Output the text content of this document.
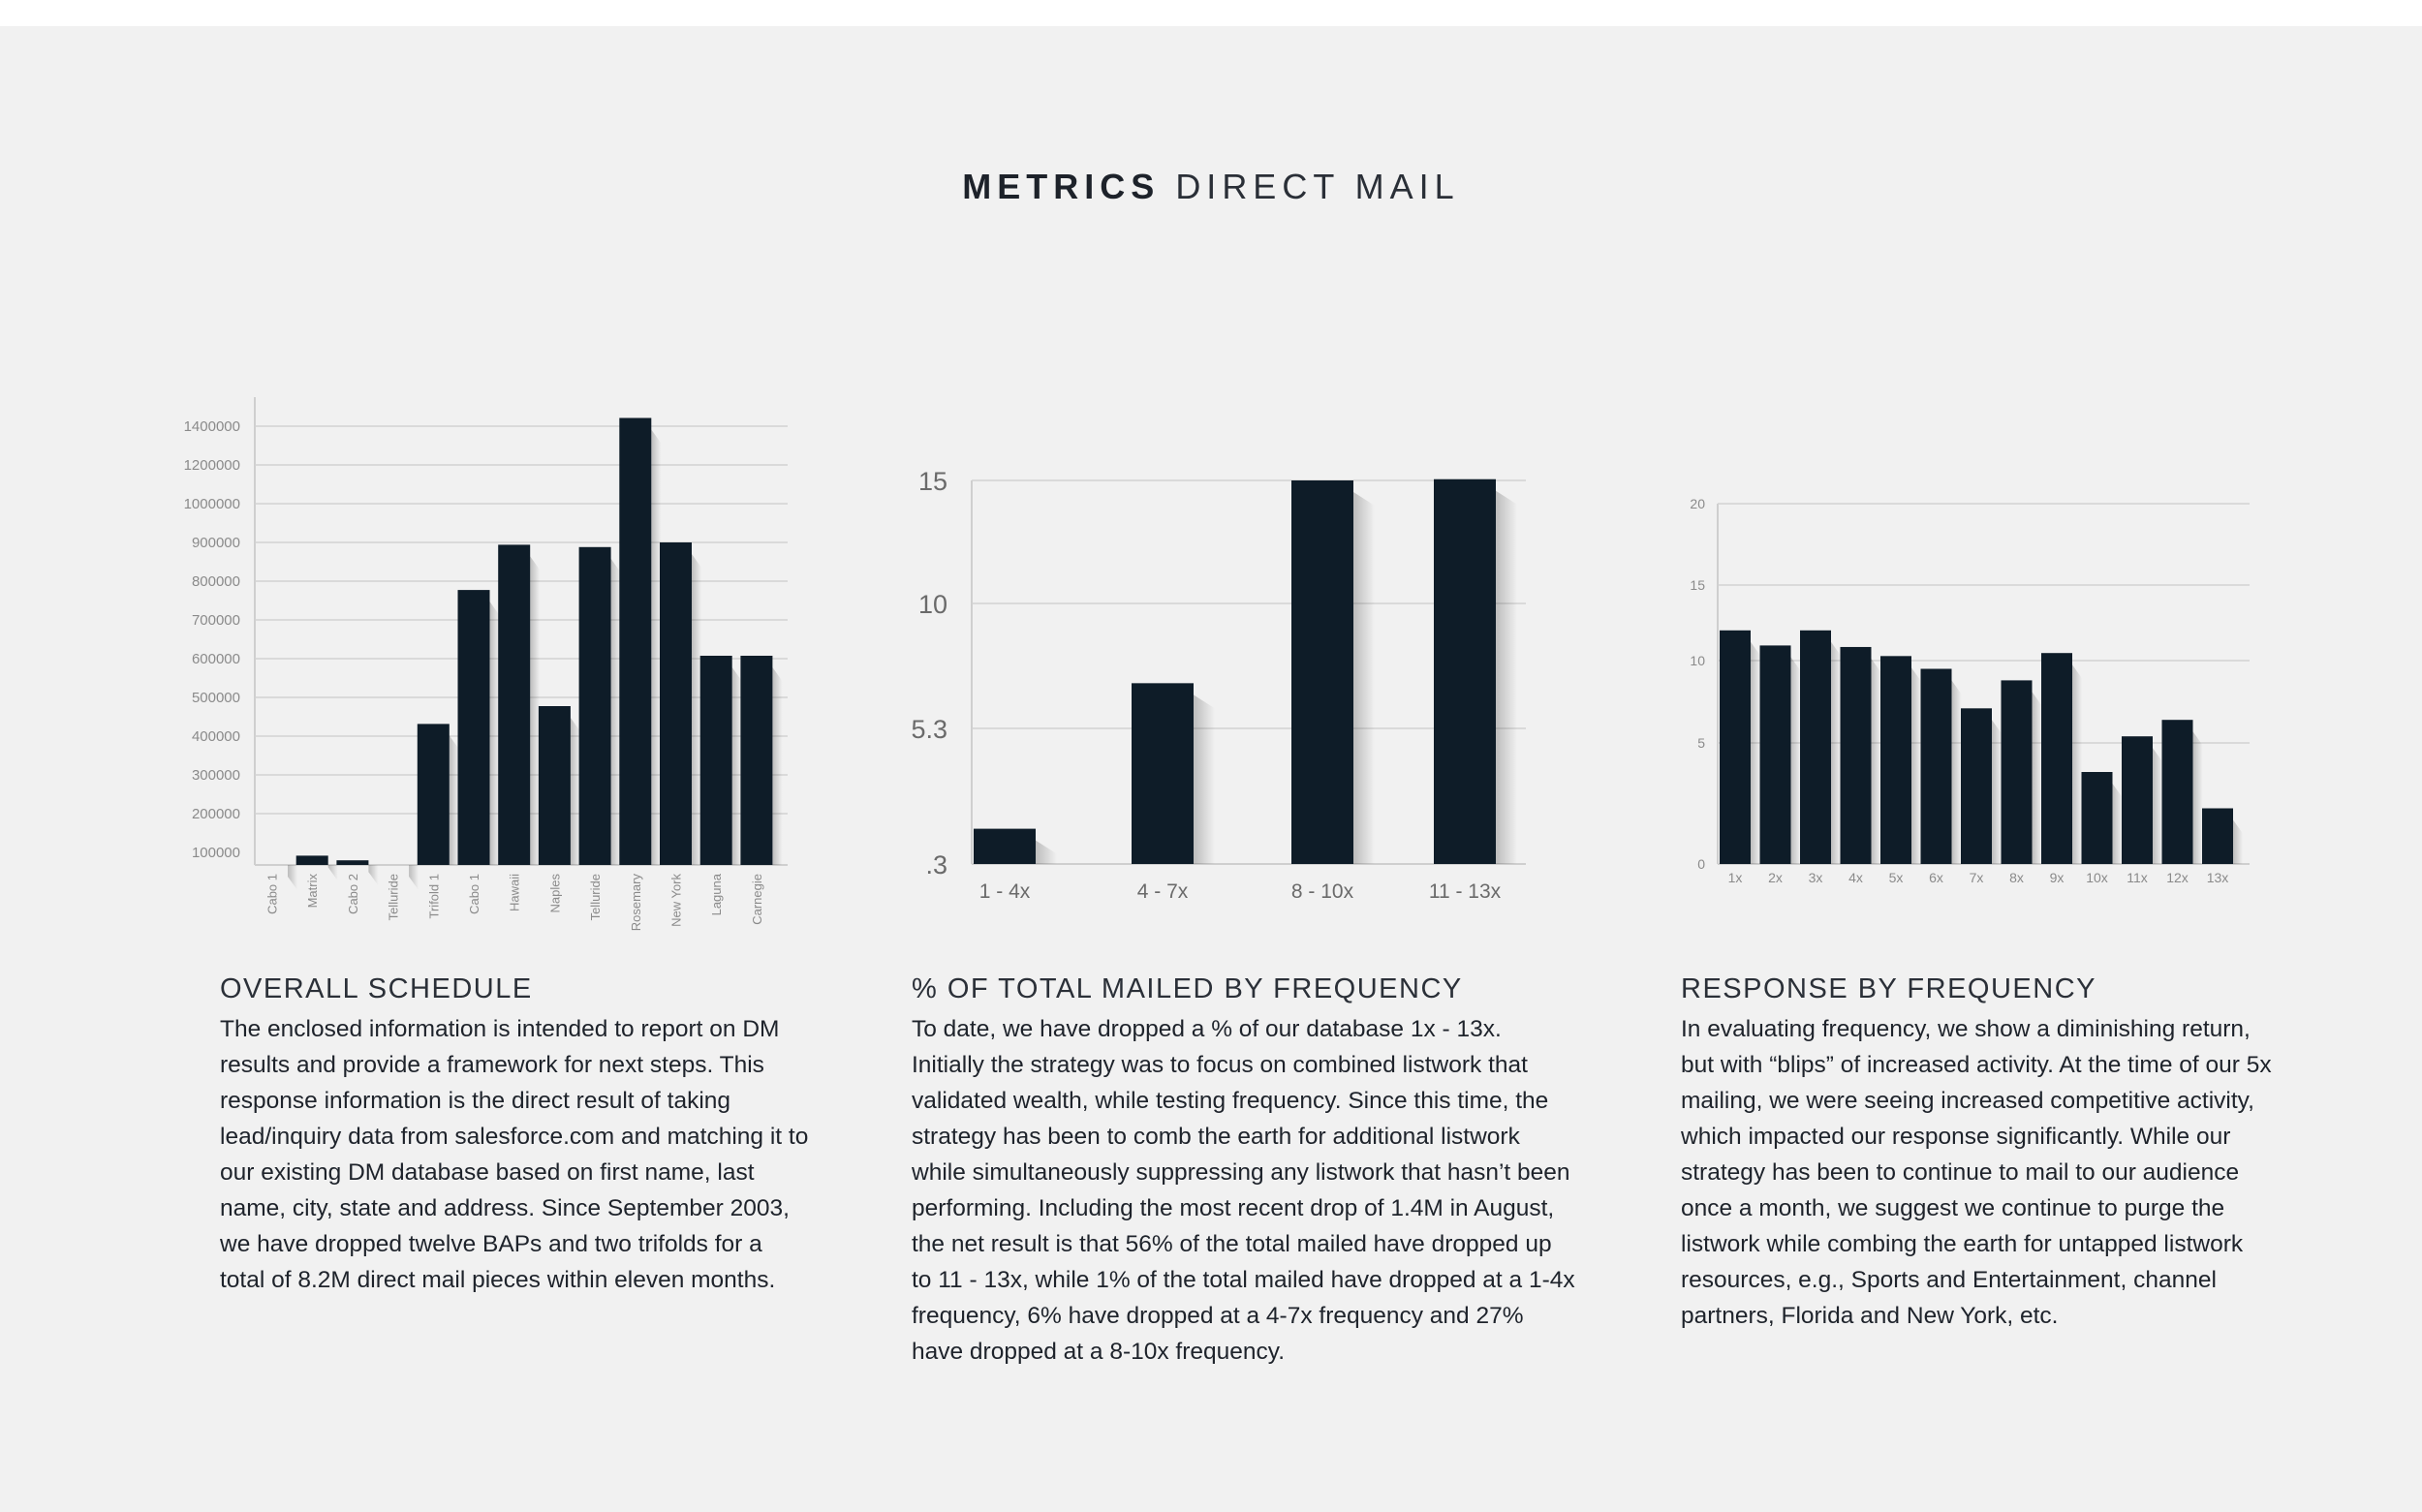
METRICS DIRECT MAIL
100000
200000
300000
400000
500000
600000
700000
800000
900000
1000000
1200000
1400000
Cabo 1 Matrix Cabo 2 Telluride Trifold 1 Cabo 1 Hawaii Naples Telluride Rosemary New York Laguna Carnegie
.3
5.3
10
15
1 - 4x	4 - 7x	8 - 10x	11 - 13x
0
5
10
15
20
1x 2x 3x 4x 5x 6x 7x 8x 9x 10x 11x 12x 13x
OVERALL SCHEDULE

The enclosed information is intended to report on DM results and provide a framework for next steps. This response information is the direct result of taking lead/inquiry data from salesforce.com and matching it to our existing DM database based on first name, last name, city, state and address. Since September 2003, we have dropped twelve BAPs and two trifolds for a total of 8.2M direct mail pieces within eleven months.

% OF TOTAL MAILED BY FREQUENCY

To date, we have dropped a % of our database 1x - 13x. Initially the strategy was to focus on combined listwork that validated wealth, while testing frequency. Since this time, the strategy has been to comb the earth for additional listwork while simultaneously suppressing any listwork that hasn’t been performing. Including the most recent drop of 1.4M in August, the net result is that 56% of the total mailed have dropped up to 11 - 13x, while 1% of the total mailed have dropped at a 1-4x frequency, 6% have dropped at a 4-7x frequency and 27% have dropped at a 8-10x frequency.

RESPONSE BY FREQUENCY

In evaluating frequency, we show a diminishing return, but with “blips” of increased activity. At the time of our 5x mailing, we were seeing increased competitive activity, which impacted our response significantly. While our strategy has been to continue to mail to our audience once a month, we suggest we continue to purge the listwork while combing the earth for untapped listwork resources, e.g., Sports and Entertainment, channel partners, Florida and New York, etc.
